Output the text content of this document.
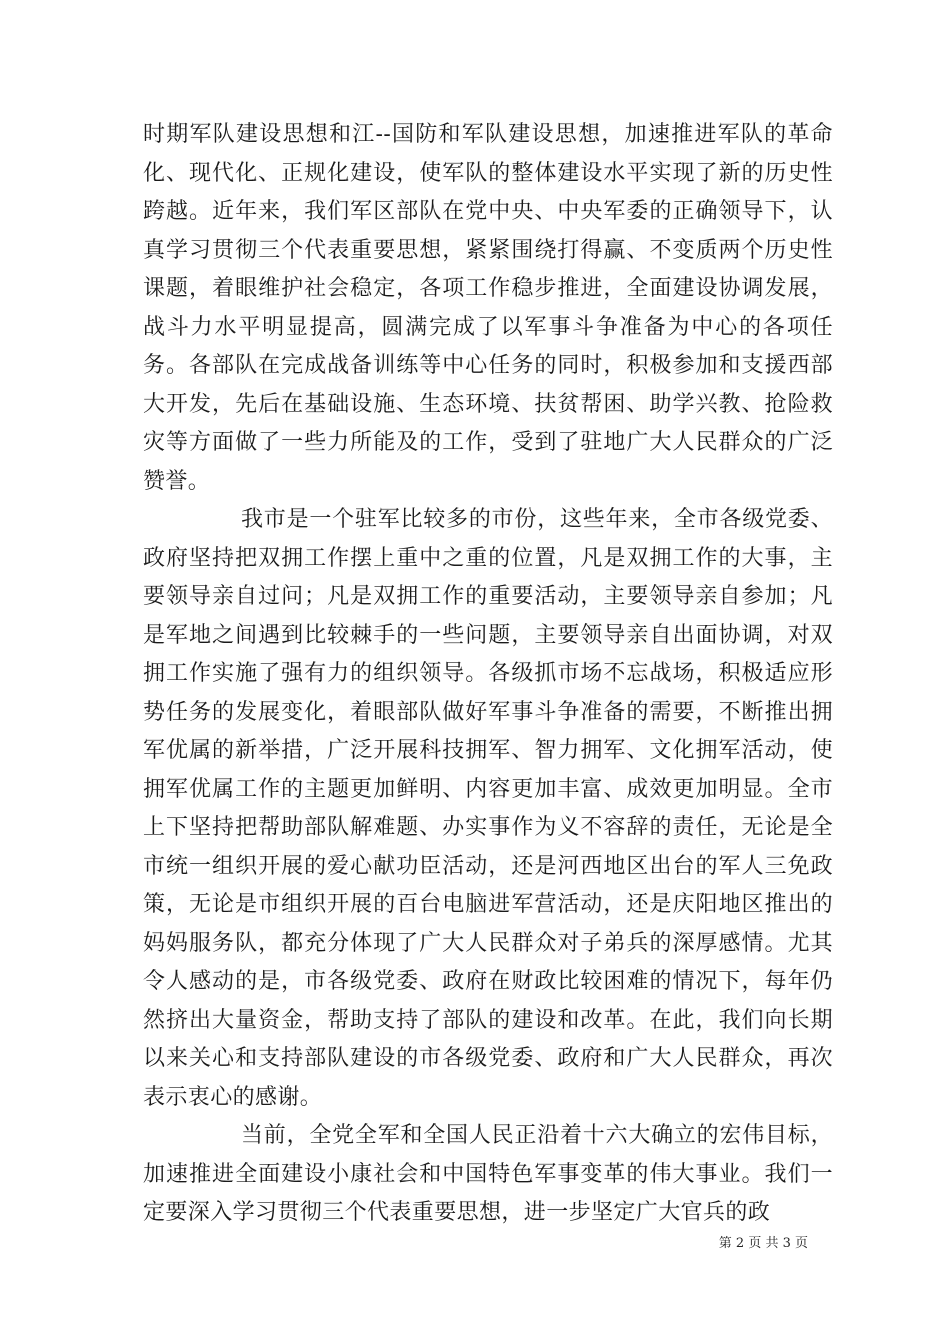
时期军队建设思想和江--国防和军队建设思想，加速推进军队的革命化、现代化、正规化建设，使军队的整体建设水平实现了新的历史性跨越。近年来，我们军区部队在党中央、中央军委的正确领导下，认真学习贯彻三个代表重要思想，紧紧围绕打得赢、不变质两个历史性课题，着眼维护社会稳定，各项工作稳步推进，全面建设协调发展，战斗力水平明显提高，圆满完成了以军事斗争准备为中心的各项任务。各部队在完成战备训练等中心任务的同时，积极参加和支援西部大开发，先后在基础设施、生态环境、扶贫帮困、助学兴教、抢险救灾等方面做了一些力所能及的工作，受到了驻地广大人民群众的广泛赞誉。

我市是一个驻军比较多的市份，这些年来，全市各级党委、政府坚持把双拥工作摆上重中之重的位置，凡是双拥工作的大事，主要领导亲自过问；凡是双拥工作的重要活动，主要领导亲自参加；凡是军地之间遇到比较棘手的一些问题，主要领导亲自出面协调，对双拥工作实施了强有力的组织领导。各级抓市场不忘战场，积极适应形势任务的发展变化，着眼部队做好军事斗争准备的需要，不断推出拥军优属的新举措，广泛开展科技拥军、智力拥军、文化拥军活动，使拥军优属工作的主题更加鲜明、内容更加丰富、成效更加明显。全市上下坚持把帮助部队解难题、办实事作为义不容辞的责任，无论是全市统一组织开展的爱心献功臣活动，还是河西地区出台的军人三免政策，无论是市组织开展的百台电脑进军营活动，还是庆阳地区推出的妈妈服务队，都充分体现了广大人民群众对子弟兵的深厚感情。尤其令人感动的是，市各级党委、政府在财政比较困难的情况下，每年仍然挤出大量资金，帮助支持了部队的建设和改革。在此，我们向长期以来关心和支持部队建设的市各级党委、政府和广大人民群众，再次表示衷心的感谢。

当前，全党全军和全国人民正沿着十六大确立的宏伟目标，加速推进全面建设小康社会和中国特色军事变革的伟大事业。我们一定要深入学习贯彻三个代表重要思想，进一步坚定广大官兵的政

第 2 页 共 3 页
